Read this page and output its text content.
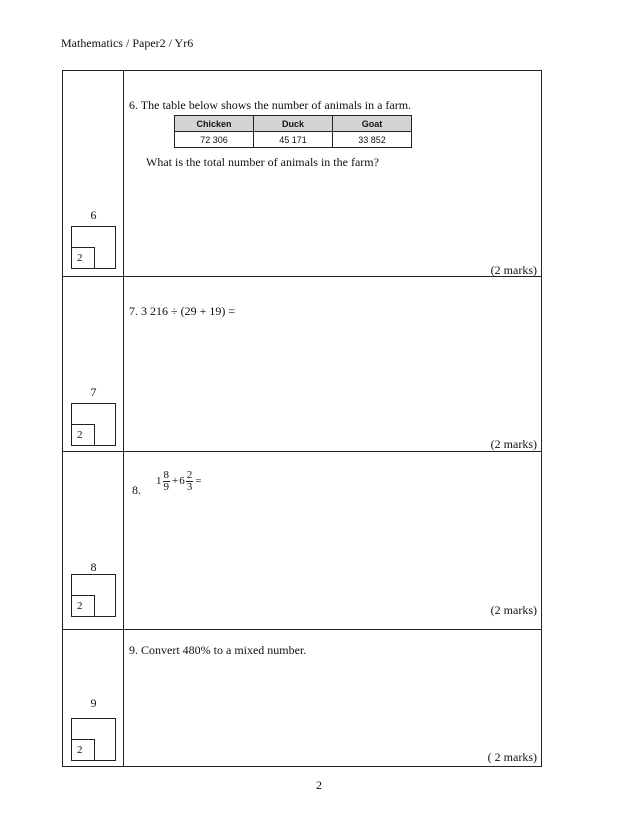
Mathematics / Paper2 / Yr6
6
2
6. The table below shows the number of animals in a farm.
Chicken	Duck	Goat
72 306	45 171	33 852
What is the total number of animals in the farm?
(2 marks)
7
2
7. 3 216 ÷ (29 + 19) =
(2 marks)
8
2
8.
$1 \frac{8}{9} + 6 \frac{2}{3}$ =
(2 marks)
9
2
9. Convert 480% to a mixed number.
( 2 marks)
2
